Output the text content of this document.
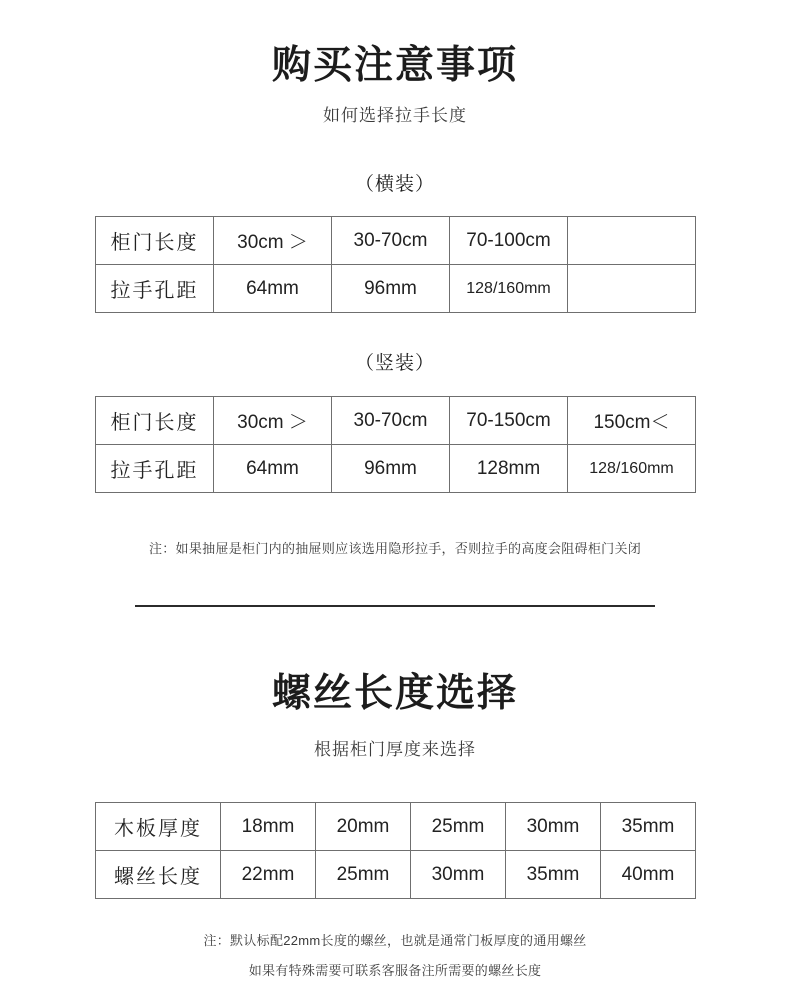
购买注意事项
如何选择拉手长度
（横装）
柜门长度	30cm ＞	30-70cm	70-100cm	
拉手孔距	64mm	96mm	128/160mm	
（竖装）
柜门长度	30cm ＞	30-70cm	70-150cm	150cm＜
拉手孔距	64mm	96mm	128mm	128/160mm
注：如果抽屉是柜门内的抽屉则应该选用隐形拉手，否则拉手的高度会阻碍柜门关闭
螺丝长度选择
根据柜门厚度来选择
木板厚度	18mm	20mm	25mm	30mm	35mm
螺丝长度	22mm	25mm	30mm	35mm	40mm
注：默认标配22mm长度的螺丝，也就是通常门板厚度的通用螺丝
如果有特殊需要可联系客服备注所需要的螺丝长度
